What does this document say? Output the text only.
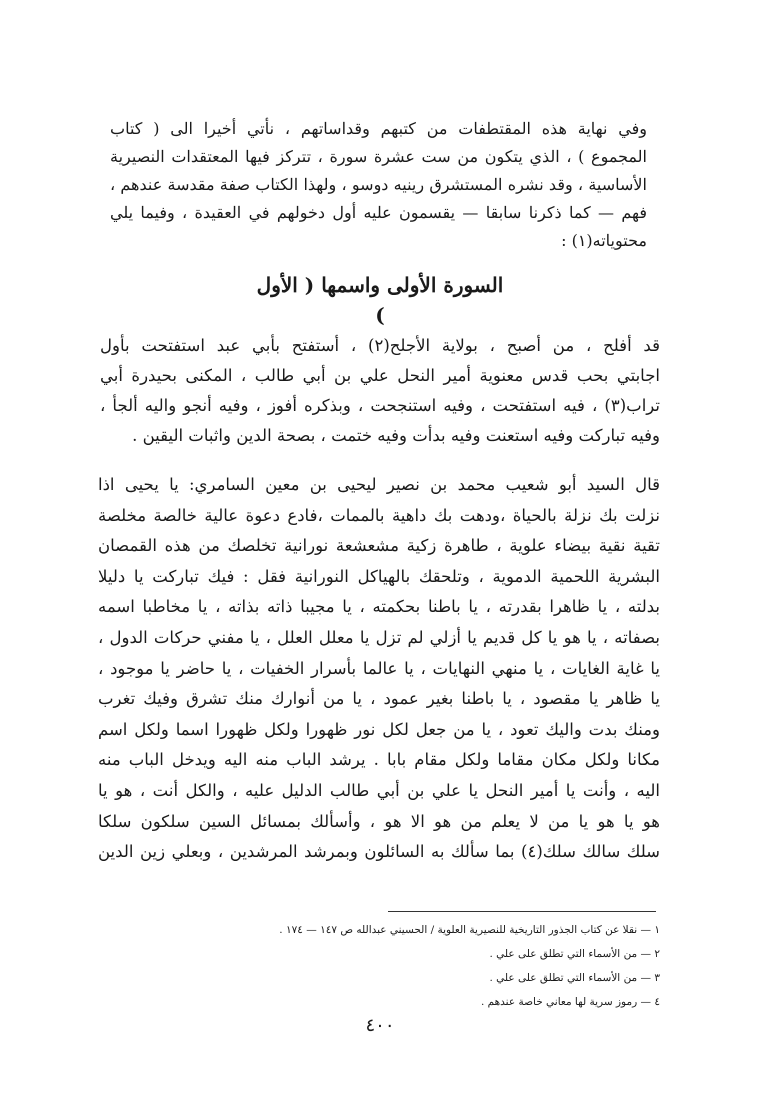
وفي نهاية هذه المقتطفات من كتبهم وقداساتهم ، نأتي أخيرا الى ( كتاب
المجموع ) ، الذي يتكون من ست عشرة سورة ، تتركز فيها المعتقدات النصيرية
الأساسية ، وقد نشره المستشرق رينيه دوسو ، ولهذا الكتاب صفة مقدسة عندهم ،
فهم — كما ذكرنا سابقا — يقسمون عليه أول دخولهم في العقيدة ، وفيما يلي
محتوياته(١) :
السورة الأولى واسمها ( الأول )
قد أفلح ، من أصبح ، بولاية الأجلح(٢) ، أستفتح بأبي عبد استفتحت بأول
اجابتي بحب قدس معنوية أمير النحل علي بن أبي طالب ، المكنى بحيدرة أبي
تراب(٣) ، فيه استفتحت ، وفيه استنجحت ، وبذكره أفوز ، وفيه أنجو واليه ألجأ ،
وفيه تباركت وفيه استعنت وفيه بدأت وفيه ختمت ، بصحة الدين واثبات اليقين .
قال السيد أبو شعيب محمد بن نصير ليحيى بن معين السامري: يا يحيى اذا
نزلت بك نزلة بالحياة ،ودهت بك داهية بالممات ،فادع دعوة عالية خالصة مخلصة
تقية نقية بيضاء علوية ، طاهرة زكية مشعشعة نورانية تخلصك من هذه القمصان
البشرية اللحمية الدموية ، وتلحقك بالهياكل النورانية فقل : فيك تباركت يا دليلا
بدلته ، يا ظاهرا بقدرته ، يا باطنا بحكمته ، يا مجيبا ذاته بذاته ، يا مخاطبا اسمه
بصفاته ، يا هو يا كل قديم يا أزلي لم تزل يا معلل العلل ، يا مفني حركات الدول ،
يا غاية الغايات ، يا منهي النهايات ، يا عالما بأسرار الخفيات ، يا حاضر يا موجود ،
يا ظاهر يا مقصود ، يا باطنا بغير عمود ، يا من أنوارك منك تشرق وفيك تغرب
ومنك بدت واليك تعود ، يا من جعل لكل نور ظهورا ولكل ظهورا اسما ولكل اسم
مكانا ولكل مكان مقاما ولكل مقام بابا . يرشد الباب منه اليه ويدخل الباب منه
اليه ، وأنت يا أمير النحل يا علي بن أبي طالب الدليل عليه ، والكل أنت ، هو يا
هو يا هو يا من لا يعلم من هو الا هو ، وأسألك بمسائل السين سلكون سلكا
سلك سالك سلك(٤) بما سألك به السائلون وبمرشد المرشدين ، وبعلي زين الدين
١ — نقلا عن كتاب الجذور التاريخية للنصيرية العلوية / الحسيني عبدالله ص ١٤٧ — ١٧٤ .
٢ — من الأسماء التي تطلق على علي .
٣ — من الأسماء التي تطلق على علي .
٤ — رموز سرية لها معاني خاصة عندهم .
٤٠٠
